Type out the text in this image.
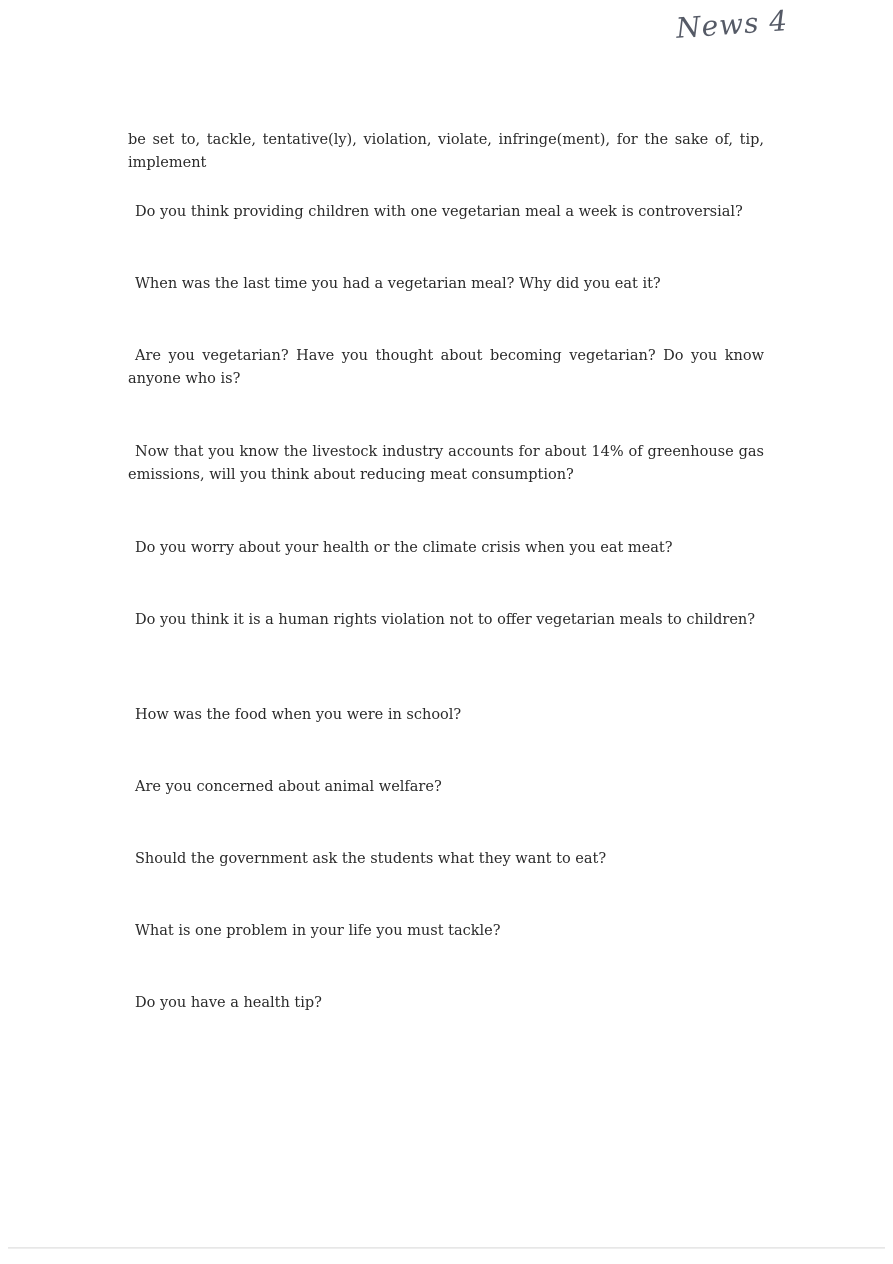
News 4

be set to, tackle, tentative(ly), violation, violate, infringe(ment), for the sake of, tip, implement

Do you think providing children with one vegetarian meal a week is controversial?

When was the last time you had a vegetarian meal? Why did you eat it?

Are you vegetarian? Have you thought about becoming vegetarian? Do you know anyone who is?

Now that you know the livestock industry accounts for about 14% of greenhouse gas emissions, will you think about reducing meat consumption?

Do you worry about your health or the climate crisis when you eat meat?

Do you think it is a human rights violation not to offer vegetarian meals to children?

How was the food when you were in school?

Are you concerned about animal welfare?

Should the government ask the students what they want to eat?

What is one problem in your life you must tackle?

Do you have a health tip?
